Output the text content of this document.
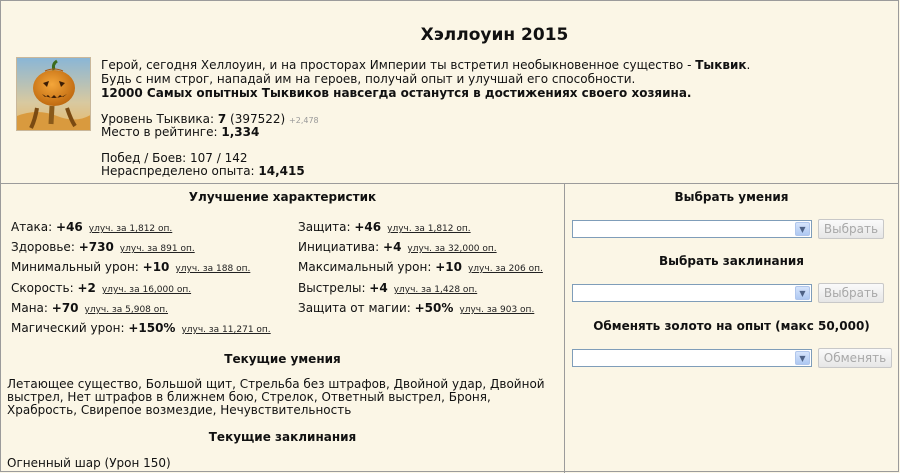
Хэллоуин 2015
Герой, сегодня Хеллоуин, и на просторах Империи ты встретил необыкновенное существо - Тыквик.
Будь с ним строг, нападай им на героев, получай опыт и улучшай его способности.
12000 Самых опытных Тыквиков навсегда останутся в достижениях своего хозяина.
Уровень Тыквика: 7 (397522) +2,478
Место в рейтинге: 1,334
Побед / Боев: 107 / 142
Нераспределено опыта: 14,415
Улучшение характеристик
Атака: +46 улуч. за 1,812 оп.
Здоровье: +730 улуч. за 891 оп.
Минимальный урон: +10 улуч. за 188 оп.
Скорость: +2 улуч. за 16,000 оп.
Мана: +70 улуч. за 5,908 оп.
Магический урон: +150% улуч. за 11,271 оп.
Защита: +46 улуч. за 1,812 оп.
Инициатива: +4 улуч. за 32,000 оп.
Максимальный урон: +10 улуч. за 206 оп.
Выстрелы: +4 улуч. за 1,428 оп.
Защита от магии: +50% улуч. за 903 оп.
Текущие умения
Летающее существо, Большой щит, Стрельба без штрафов, Двойной удар, Двойной выстрел, Нет штрафов в ближнем бою, Стрелок, Ответный выстрел, Броня, Храбрость, Свирепое возмездие, Нечувствительность
Текущие заклинания
Огненный шар (Урон 150)
Выбрать умения
▼	Выбрать
Выбрать заклинания
▼	Выбрать
Обменять золото на опыт (макс 50,000)
▼	Обменять
